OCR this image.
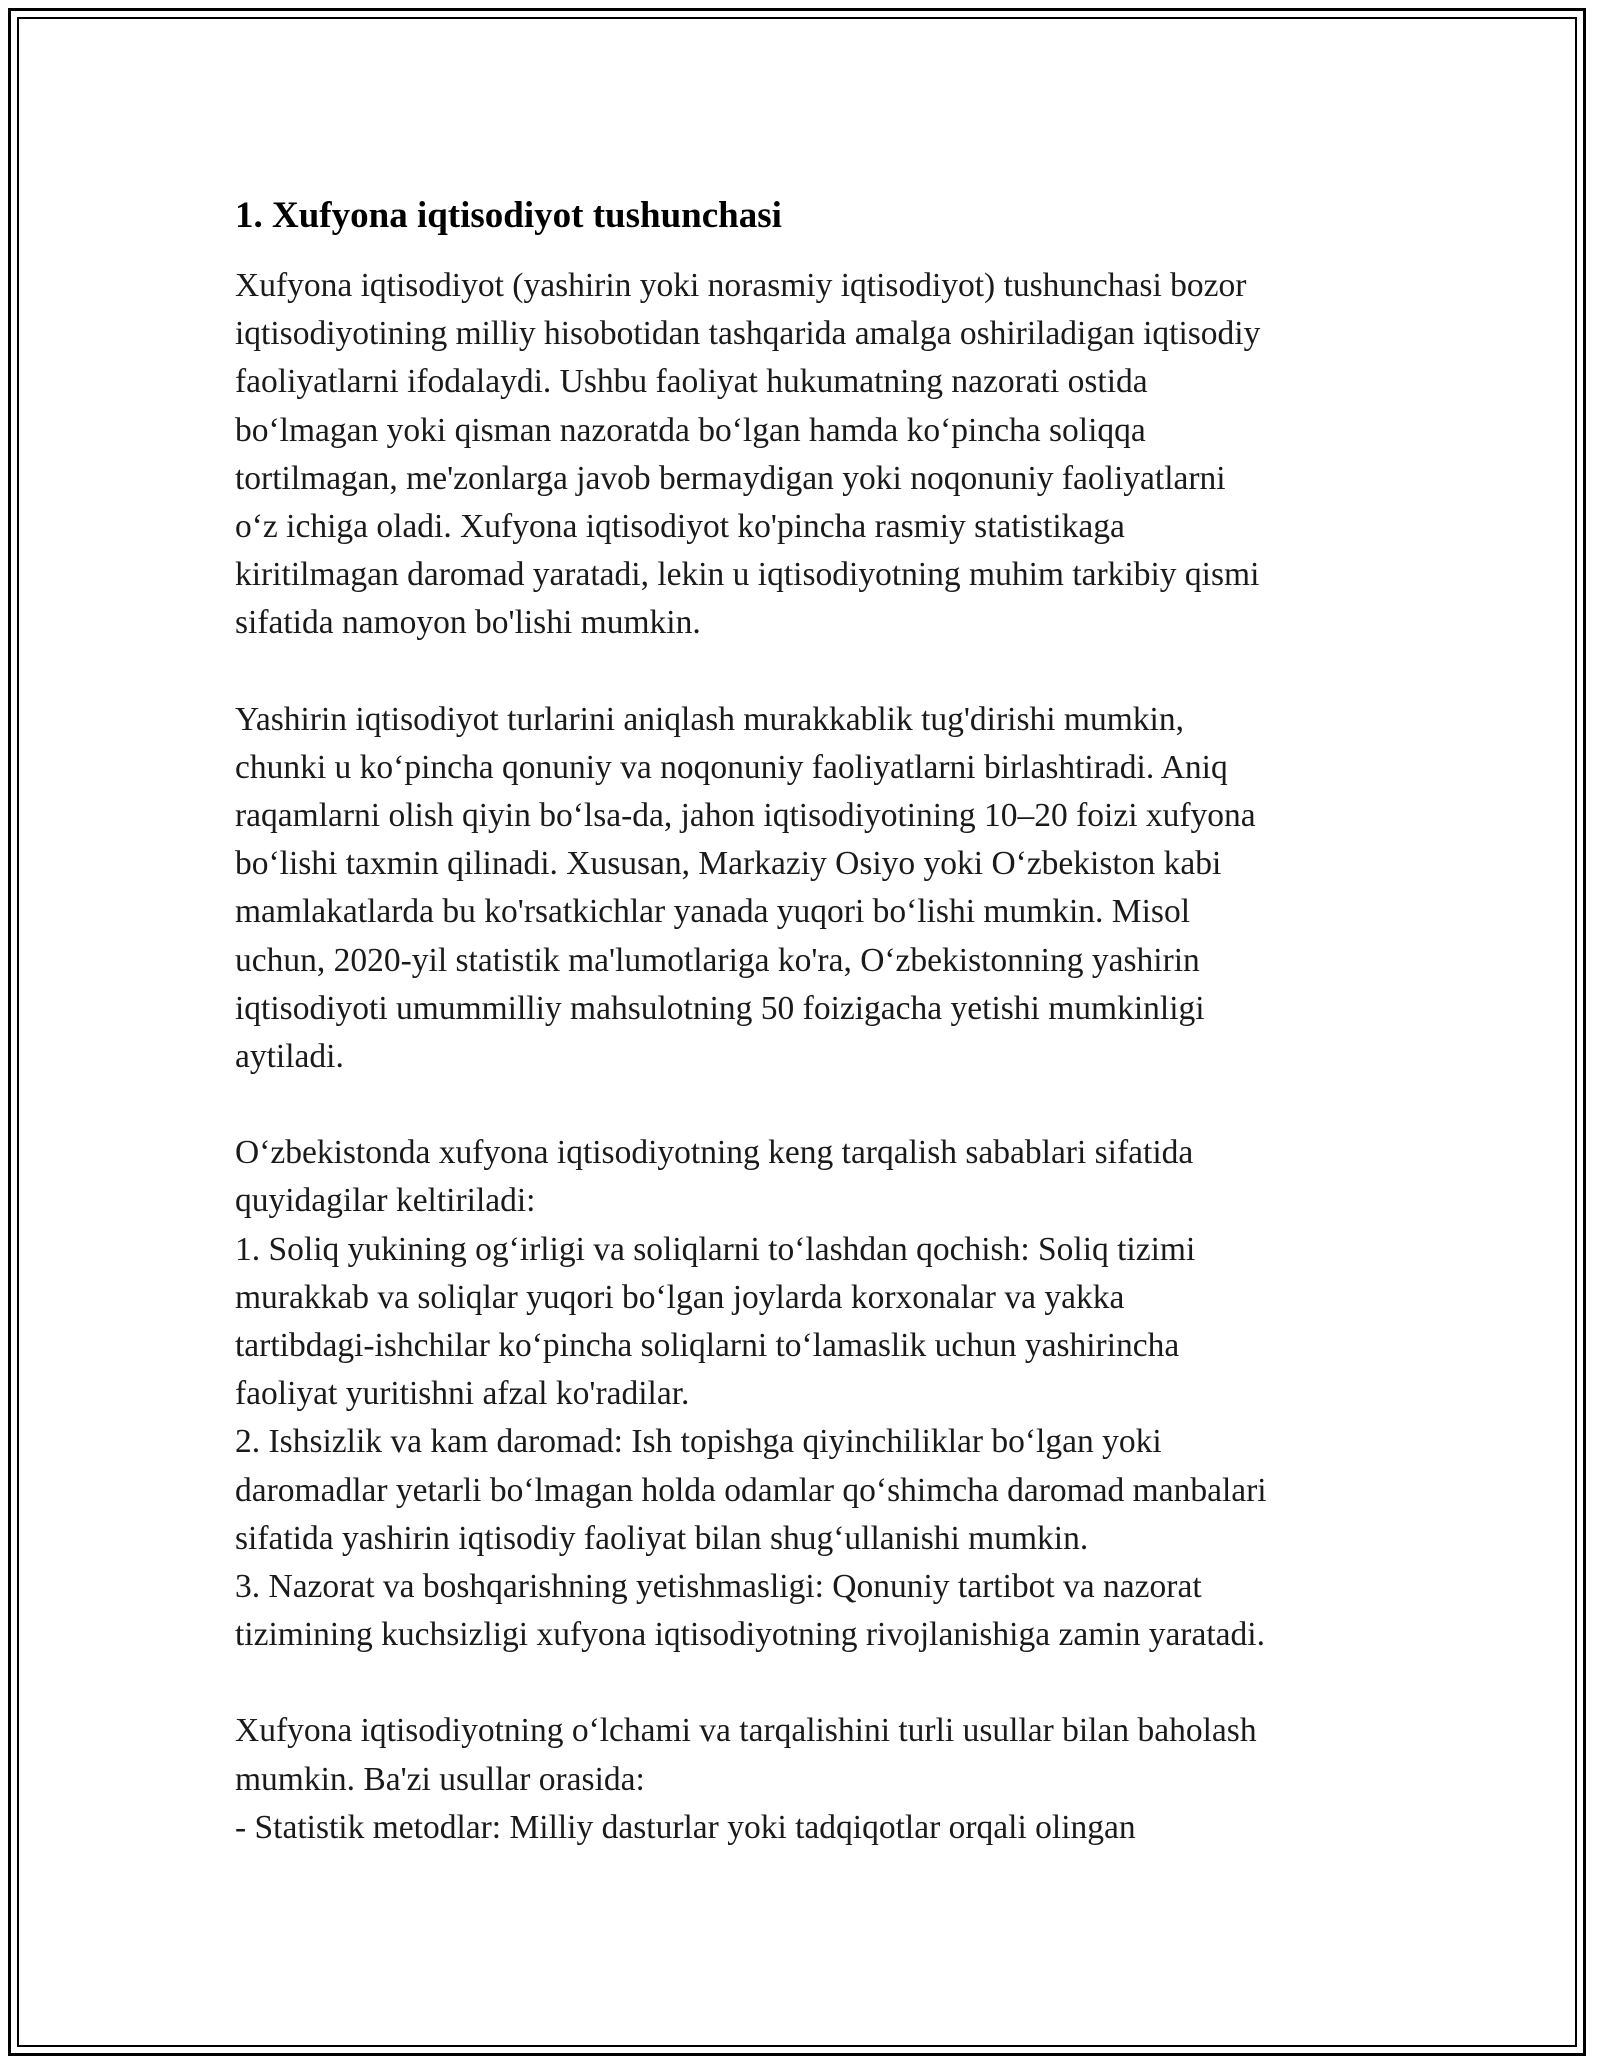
1. Xufyona iqtisodiyot tushunchasi

Xufyona iqtisodiyot (yashirin yoki norasmiy iqtisodiyot) tushunchasi bozor
iqtisodiyotining milliy hisobotidan tashqarida amalga oshiriladigan iqtisodiy
faoliyatlarni ifodalaydi. Ushbu faoliyat hukumatning nazorati ostida
bo‘lmagan yoki qisman nazoratda bo‘lgan hamda ko‘pincha soliqqa
tortilmagan, me'zonlarga javob bermaydigan yoki noqonuniy faoliyatlarni
o‘z ichiga oladi. Xufyona iqtisodiyot ko'pincha rasmiy statistikaga
kiritilmagan daromad yaratadi, lekin u iqtisodiyotning muhim tarkibiy qismi
sifatida namoyon bo'lishi mumkin.

Yashirin iqtisodiyot turlarini aniqlash murakkablik tug'dirishi mumkin,
chunki u ko‘pincha qonuniy va noqonuniy faoliyatlarni birlashtiradi. Aniq
raqamlarni olish qiyin bo‘lsa-da, jahon iqtisodiyotining 10–20 foizi xufyona
bo‘lishi taxmin qilinadi. Xususan, Markaziy Osiyo yoki O‘zbekiston kabi
mamlakatlarda bu ko'rsatkichlar yanada yuqori bo‘lishi mumkin. Misol
uchun, 2020-yil statistik ma'lumotlariga ko'ra, O‘zbekistonning yashirin
iqtisodiyoti umummilliy mahsulotning 50 foizigacha yetishi mumkinligi
aytiladi.

O‘zbekistonda xufyona iqtisodiyotning keng tarqalish sabablari sifatida
quyidagilar keltiriladi:
1. Soliq yukining og‘irligi va soliqlarni to‘lashdan qochish: Soliq tizimi
murakkab va soliqlar yuqori bo‘lgan joylarda korxonalar va yakka
tartibdagi-ishchilar ko‘pincha soliqlarni to‘lamaslik uchun yashirincha
faoliyat yuritishni afzal ko'radilar.
2. Ishsizlik va kam daromad: Ish topishga qiyinchiliklar bo‘lgan yoki
daromadlar yetarli bo‘lmagan holda odamlar qo‘shimcha daromad manbalari
sifatida yashirin iqtisodiy faoliyat bilan shug‘ullanishi mumkin.
3. Nazorat va boshqarishning yetishmasligi: Qonuniy tartibot va nazorat
tizimining kuchsizligi xufyona iqtisodiyotning rivojlanishiga zamin yaratadi.

Xufyona iqtisodiyotning o‘lchami va tarqalishini turli usullar bilan baholash
mumkin. Ba'zi usullar orasida:
- Statistik metodlar: Milliy dasturlar yoki tadqiqotlar orqali olingan
